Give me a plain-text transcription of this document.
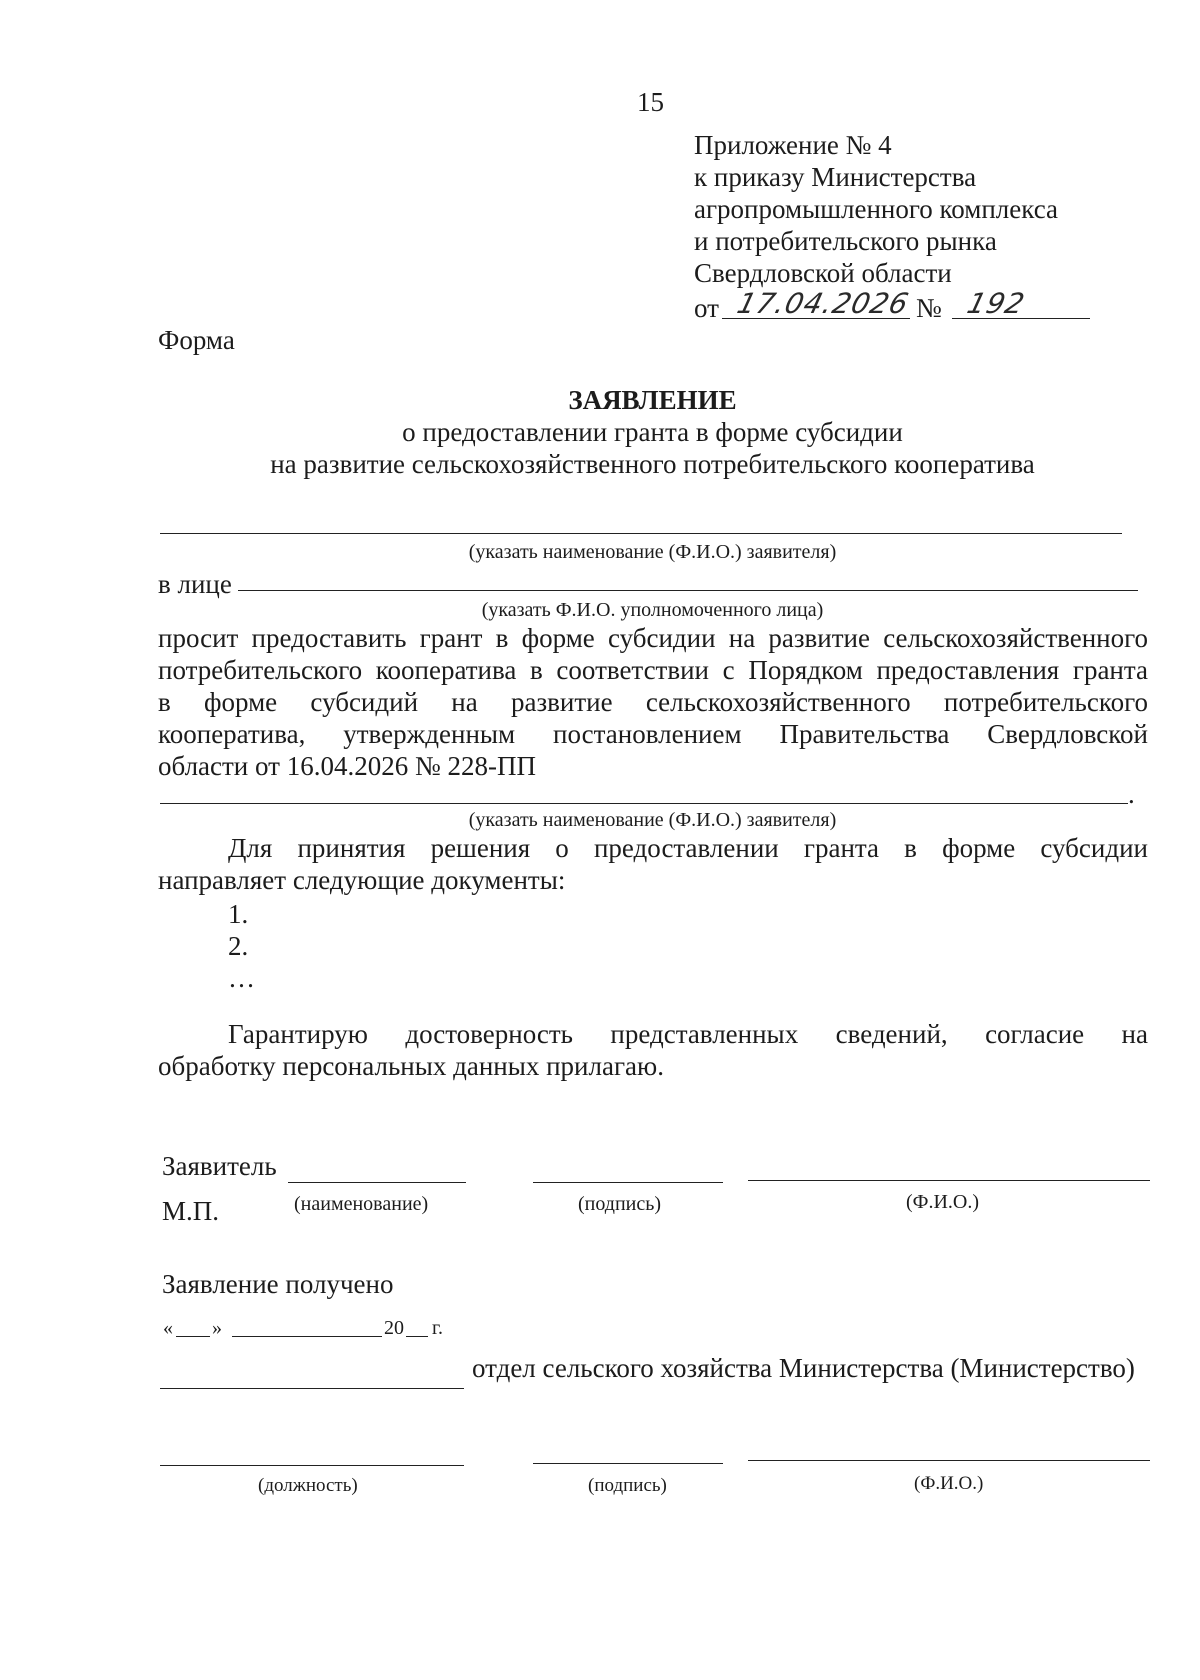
15
Приложение № 4
к приказу Министерства
агропромышленного комплекса
и потребительского рынка
Свердловской области
от 17.04.2026 № 192
Форма
ЗАЯВЛЕНИЕ
о предоставлении гранта в форме субсидии
на развитие сельскохозяйственного потребительского кооператива
(указать наименование (Ф.И.О.) заявителя)
в лице
(указать Ф.И.О. уполномоченного лица)
просит предоставить грант в форме субсидии на развитие сельскохозяйственного
потребительского кооператива в соответствии с Порядком предоставления гранта
в форме субсидий на развитие сельскохозяйственного потребительского
кооператива, утвержденным постановлением Правительства Свердловской
области от 16.04.2026 № 228-ПП
.
(указать наименование (Ф.И.О.) заявителя)
Для принятия решения о предоставлении гранта в форме субсидии
направляет следующие документы:
1.
2.
…
Гарантирую достоверность представленных сведений, согласие на
обработку персональных данных прилагаю.
Заявитель
М.П.	(наименование)	(подпись)	(Ф.И.О.)
Заявление получено
« »	20 г.
отдел сельского хозяйства Министерства (Министерство)
(должность)	(подпись)	(Ф.И.О.)
